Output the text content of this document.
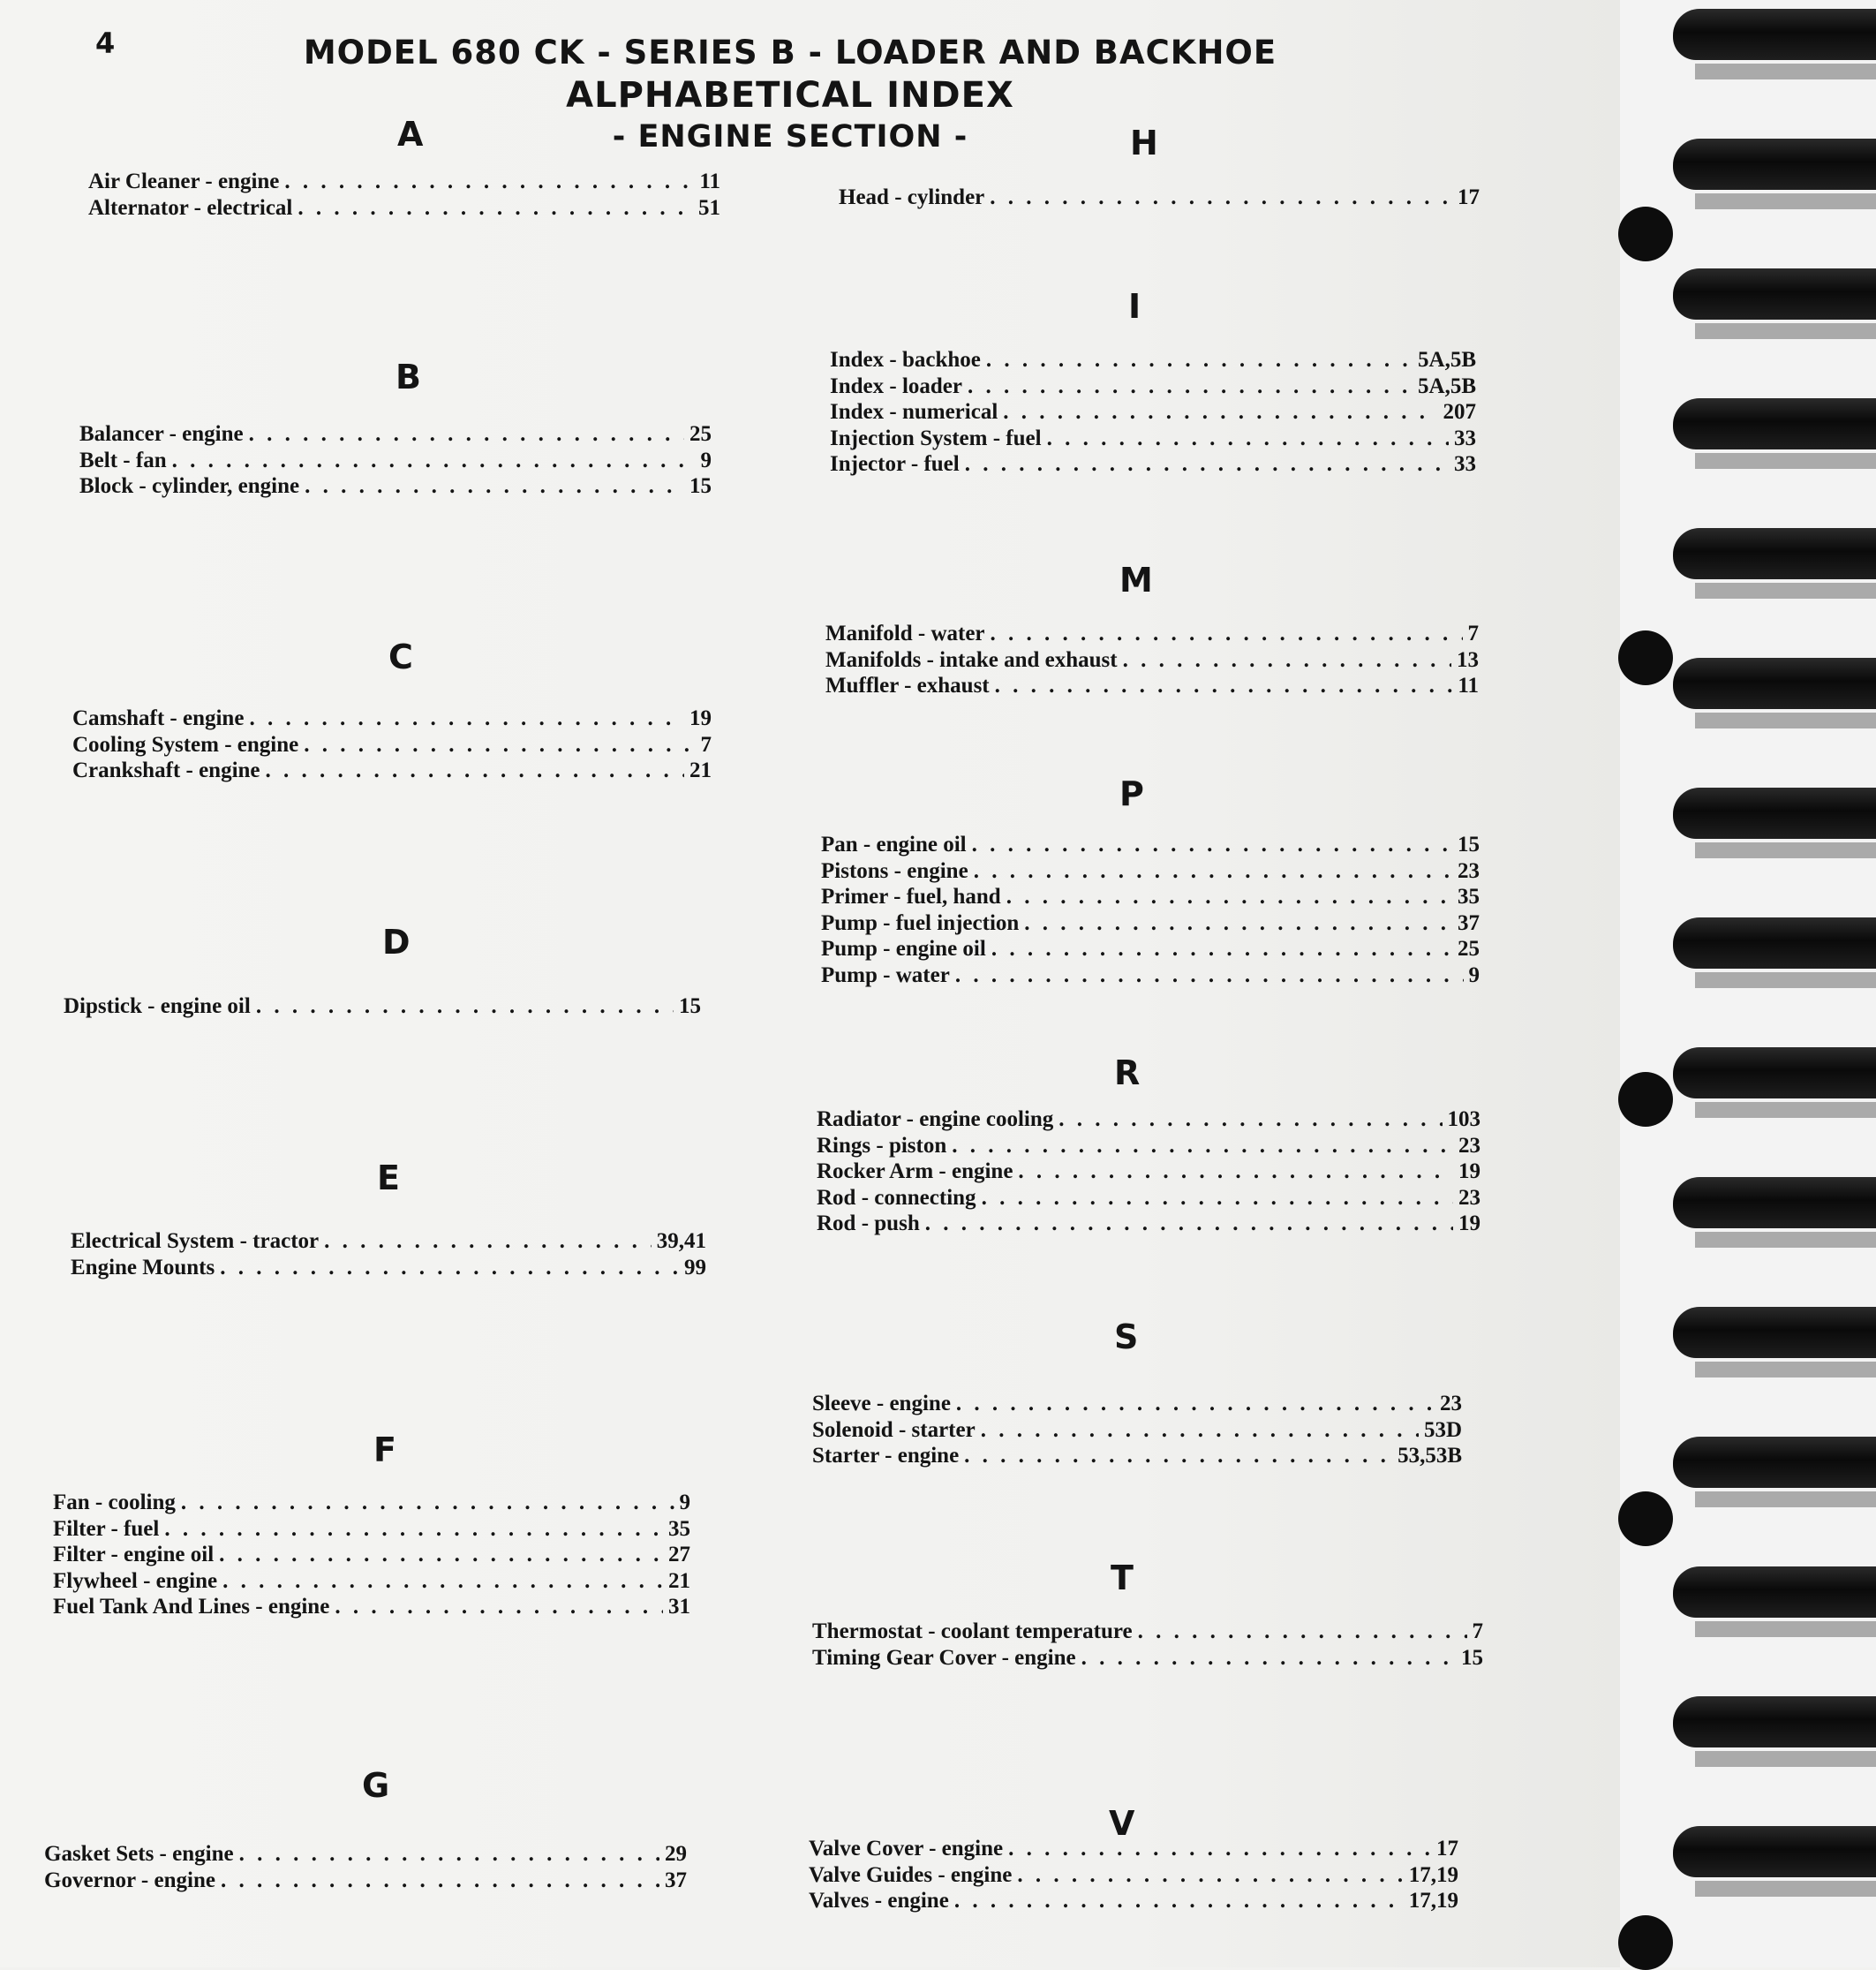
4	MODEL 680 CK - SERIES B - LOADER AND BACKHOE
ALPHABETICAL INDEX
- ENGINE SECTION -
A
Air Cleaner - engine . . .	11
Alternator - electrical . . .	51
B
Balancer - engine . . .	25
Belt - fan . . .	9
Block - cylinder, engine . . .	15
C
Camshaft - engine . . .	19
Cooling System - engine . . .	7
Crankshaft - engine . . .	21
D
Dipstick - engine oil . . .	15
E
Electrical System - tractor . . .	39,41
Engine Mounts . . .	99
F
Fan - cooling . . .	9
Filter - fuel . . .	35
Filter - engine oil . . .	27
Flywheel - engine . . .	21
Fuel Tank And Lines - engine . . .	31
G
Gasket Sets - engine . . .	29
Governor - engine . . .	37
H
Head - cylinder . . .	17
I
Index - backhoe . . .	5A,5B
Index - loader . . .	5A,5B
Index - numerical . . .	207
Injection System - fuel . . .	33
Injector - fuel . . .	33
M
Manifold - water . . .	7
Manifolds - intake and exhaust . . .	13
Muffler - exhaust . . .	11
P
Pan - engine oil . . .	15
Pistons - engine . . .	23
Primer - fuel, hand . . .	35
Pump - fuel injection . . .	37
Pump - engine oil . . .	25
Pump - water . . .	9
R
Radiator - engine cooling . . .	103
Rings - piston . . .	23
Rocker Arm - engine . . .	19
Rod - connecting . . .	23
Rod - push . . .	19
S
Sleeve - engine . . .	23
Solenoid - starter . . .	53D
Starter - engine . . .	53,53B
T
Thermostat - coolant temperature . . .	7
Timing Gear Cover - engine . . .	15
V
Valve Cover - engine . . .	17
Valve Guides - engine . . .	17,19
Valves - engine . . .	17,19
